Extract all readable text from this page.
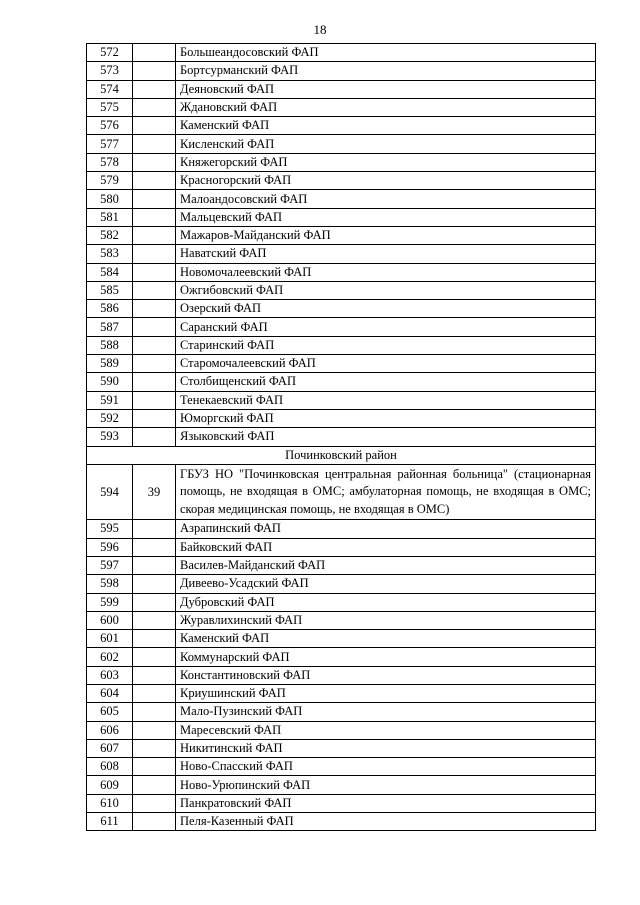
18
572		Большеандосовский ФАП
573		Бортсурманский ФАП
574		Деяновский ФАП
575		Ждановский ФАП
576		Каменский ФАП
577		Кисленский ФАП
578		Княжегорский ФАП
579		Красногорский ФАП
580		Малоандосовский ФАП
581		Мальцевский ФАП
582		Мажаров-Майданский ФАП
583		Наватский ФАП
584		Новомочалеевский ФАП
585		Ожгибовский ФАП
586		Озерский ФАП
587		Саранский ФАП
588		Старинский ФАП
589		Старомочалеевский ФАП
590		Столбищенский ФАП
591		Тенекаевский ФАП
592		Юморгский ФАП
593		Языковский ФАП
Починковский район		
594	39	ГБУЗ НО "Починковская центральная районная больница" (стационарная помощь, не входящая в ОМС; амбулаторная помощь, не входящая в ОМС; скорая медицинская помощь, не входящая в ОМС)
595		Азрапинский ФАП
596		Байковский ФАП
597		Василев-Майданский ФАП
598		Дивеево-Усадский ФАП
599		Дубровский ФАП
600		Журавлихинский ФАП
601		Каменский ФАП
602		Коммунарский ФАП
603		Константиновский ФАП
604		Криушинский ФАП
605		Мало-Пузинский ФАП
606		Маресевский ФАП
607		Никитинский ФАП
608		Ново-Спасский ФАП
609		Ново-Урюпинский ФАП
610		Панкратовский ФАП
611		Пеля-Казенный ФАП
